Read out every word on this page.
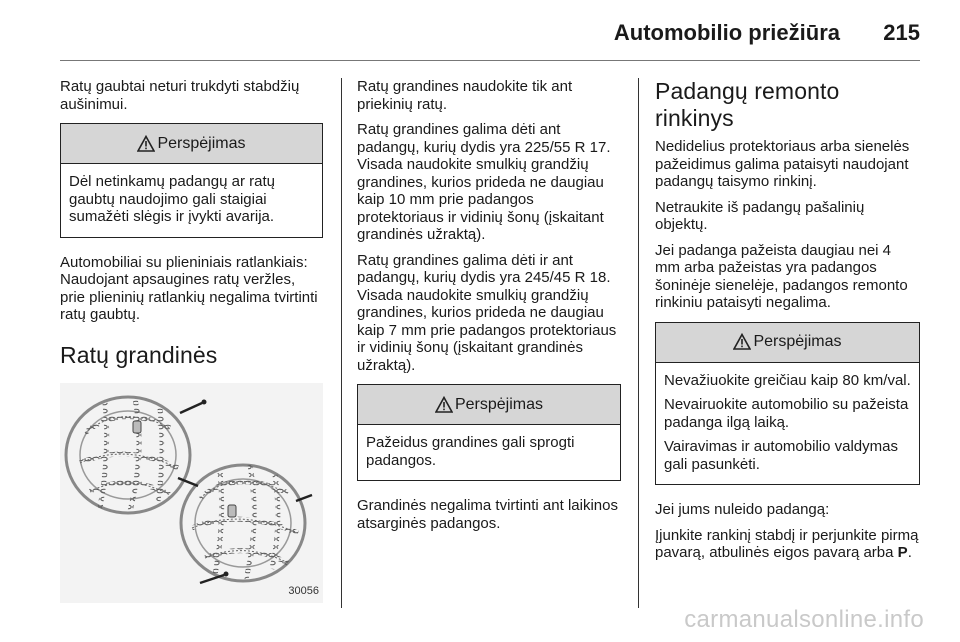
Automobilio priežiūra 215

Ratų gaubtai neturi trukdyti stabdžių aušinimui.

Perspėjimas

Dėl netinkamų padangų ar ratų gaubtų naudojimo gali staigiai sumažėti slėgis ir įvykti avarija.

Automobiliai su plieniniais ratlankiais: Naudojant apsaugines ratų veržles, prie plieninių ratlankių negalima tvirtinti ratų gaubtų.

Ratų grandinės
30056

Ratų grandines naudokite tik ant priekinių ratų.

Ratų grandines galima dėti ant padangų, kurių dydis yra 225/55 R 17. Visada naudokite smulkių grandžių grandines, kurios prideda ne daugiau kaip 10 mm prie padangos protektoriaus ir vidinių šonų (įskaitant grandinės užraktą).

Ratų grandines galima dėti ir ant padangų, kurių dydis yra 245/45 R 18. Visada naudokite smulkių grandžių grandines, kurios prideda ne daugiau kaip 7 mm prie padangos protektoriaus ir vidinių šonų (įskaitant grandinės užraktą).

Perspėjimas

Pažeidus grandines gali sprogti padangos.

Grandinės negalima tvirtinti ant laikinos atsarginės padangos.

Padangų remonto rinkinys

Nedidelius protektoriaus arba sienelės pažeidimus galima pataisyti naudojant padangų taisymo rinkinį.

Netraukite iš padangų pašalinių objektų.

Jei padanga pažeista daugiau nei 4 mm arba pažeistas yra padangos šoninėje sienelėje, padangos remonto rinkiniu pataisyti negalima.

Perspėjimas

Nevažiuokite greičiau kaip 80 km/val.

Nevairuokite automobilio su pažeista padanga ilgą laiką.

Vairavimas ir automobilio valdymas gali pasunkėti.

Jei jums nuleido padangą:

Įjunkite rankinį stabdį ir perjunkite pirmą pavarą, atbulinės eigos pavarą arba P.

carmanualsonline.info
